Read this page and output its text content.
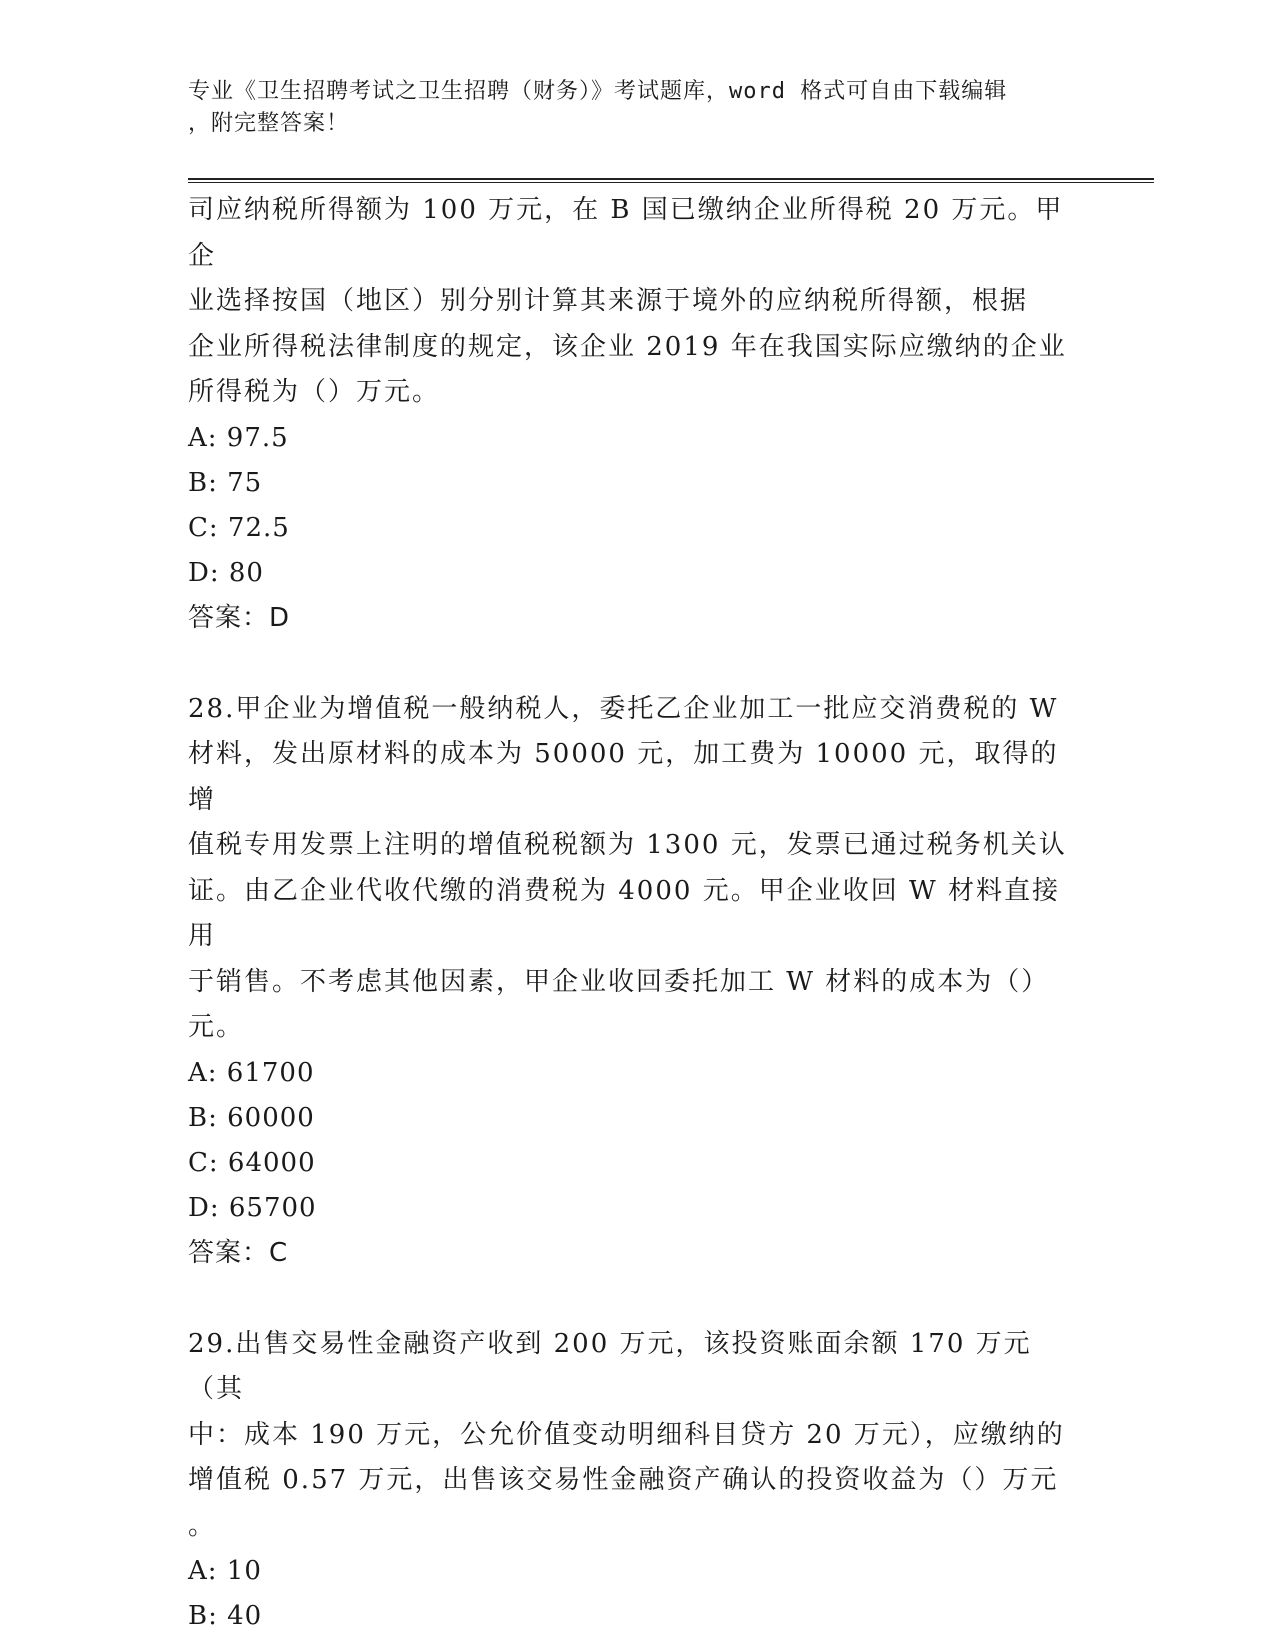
专业《卫生招聘考试之卫生招聘（财务）》考试题库，word 格式可自由下载编辑
，附完整答案！

司应纳税所得额为 100 万元，在 B 国已缴纳企业所得税 20 万元。甲企

业选择按国（地区）别分别计算其来源于境外的应纳税所得额，根据

企业所得税法律制度的规定，该企业 2019 年在我国实际应缴纳的企业

所得税为（）万元。

A: 97.5

B: 75

C: 72.5

D: 80

答案：D

28.甲企业为增值税一般纳税人，委托乙企业加工一批应交消费税的 W

材料，发出原材料的成本为 50000 元，加工费为 10000 元，取得的增

值税专用发票上注明的增值税税额为 1300 元，发票已通过税务机关认

证。由乙企业代收代缴的消费税为 4000 元。甲企业收回 W 材料直接用

于销售。不考虑其他因素，甲企业收回委托加工 W 材料的成本为（）

元。

A: 61700

B: 60000

C: 64000

D: 65700

答案：C

29.出售交易性金融资产收到 200 万元，该投资账面余额 170 万元（其

中：成本 190 万元，公允价值变动明细科目贷方 20 万元），应缴纳的

增值税 0.57 万元，出售该交易性金融资产确认的投资收益为（）万元

。

A: 10

B: 40
